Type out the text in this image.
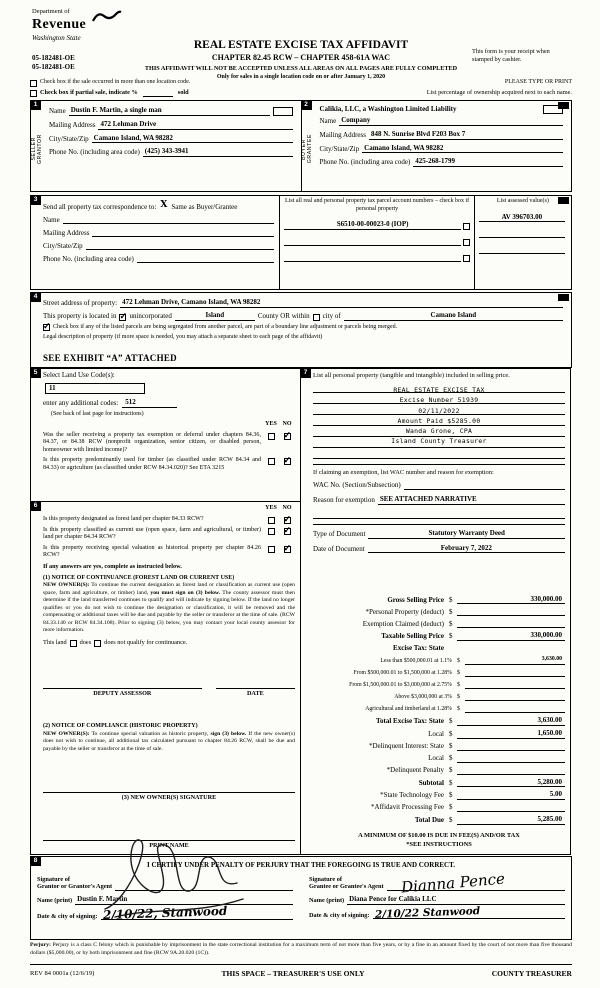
Department of
Revenue
Washington State
05-182481-OE
05-182481-OE
REAL ESTATE EXCISE TAX AFFIDAVIT
CHAPTER 82.45 RCW – CHAPTER 458-61A WAC
THIS AFFIDAVIT WILL NOT BE ACCEPTED UNLESS ALL AREAS ON ALL PAGES ARE FULLY COMPLETED
Only for sales in a single location code on or after January 1, 2020
This form is your receipt when stamped by cashier.
Check box if the sale occurred in more than one location code.	PLEASE TYPE OR PRINT
Check box if partial sale, indicate %	sold	List percentage of ownership acquired next to each name.
1
SELLER GRANTOR
Name Dustin F. Martin, a single man
Mailing Address 472 Lehman Drive
City/State/Zip Camano Island, WA 98282
Phone No. (including area code) (425) 343-3941
2
BUYER GRANTEE
Calikia, LLC, a Washington Limited Liability
Name Company
Mailing Address 848 N. Sunrise Blvd F203 Box 7
City/State/Zip Camano Island, WA 98282
Phone No. (including area code) 425-268-1799
3
Send all property tax correspondence to: X Same as Buyer/Grantee
Name
Mailing Address
City/State/Zip
Phone No. (including area code)
List all real and personal property tax parcel account numbers – check box if personal property
S6510-00-00023-0 (IOP)
List assessed value(s)
AV 396703.00
4
Street address of property: 472 Lehman Drive, Camano Island, WA 98282
This property is located in ✓ unincorporated	Island	County OR within city of	Camano Island
✓
Check box if any of the listed parcels are being segregated from another parcel, are part of a boundary line adjustment or parcels being merged.
Legal description of property (if more space is needed, you may attach a separate sheet to each page of the affidavit)
SEE EXHIBIT “A” ATTACHED
5 Select Land Use Code(s):
11
enter any additional codes:	512
(See back of last page for instructions)
YES NO
Was the seller receiving a property tax exemption or deferral under chapters 84.36, 84.37, or 84.38 RCW (nonprofit organization, senior citizen, or disabled person, homeowner with limited income)?
✓
Is this property predominantly used for timber (as classified under RCW 84.34 and 84.33) or agriculture (as classified under RCW 84.34.020)? See ETA 3215
✓
6	YES NO
Is this property designated as forest land per chapter 84.33 RCW?
✓
Is this property classified as current use (open space, farm and agricultural, or timber) land per chapter 84.34 RCW?
✓
Is this property receiving special valuation as historical property per chapter 84.26 RCW?
✓
If any answers are yes, complete as instructed below.
(1) NOTICE OF CONTINUANCE (FOREST LAND OR CURRENT USE)
NEW OWNER(S): To continue the current designation as forest land or classification as current use (open space, farm and agriculture, or timber) land, you must sign on (3) below. The county assessor must then determine if the land transferred continues to qualify and will indicate by signing below. If the land no longer qualifies or you do not wish to continue the designation or classification, it will be removed and the compensating or additional taxes will be due and payable by the seller or transferor at the time of sale. (RCW 84.33.140 or RCW 84.34.108). Prior to signing (3) below, you may contact your local county assessor for more information.
This land does does not qualify for continuance.
DEPUTY ASSESSOR	DATE
(2) NOTICE OF COMPLIANCE (HISTORIC PROPERTY)
NEW OWNER(S): To continue special valuation as historic property, sign (3) below. If the new owner(s) does not wish to continue, all additional tax calculated pursuant to chapter 84.26 RCW, shall be due and payable by the seller or transferor at the time of sale.
(3) NEW OWNER(S) SIGNATURE
PRINT NAME
7 List all personal property (tangible and intangible) included in selling price.
REAL ESTATE EXCISE TAX
Excise Number 51939
02/11/2022
Amount Paid $5285.00
Wanda Grone, CPA
Island County Treasurer
If claiming an exemption, list WAC number and reason for exemption:
WAC No. (Section/Subsection)
Reason for exemption SEE ATTACHED NARRATIVE
Type of Document	Statutory Warranty Deed
Date of Document	February 7, 2022
Gross Selling Price $	330,000.00
*Personal Property (deduct) $
Exemption Claimed (deduct) $
Taxable Selling Price $	330,000.00
Excise Tax: State
Less than $500,000.01 at 1.1% $	3,630.00
From $500,000.01 to $1,500,000 at 1.28% $
From $1,500,000.01 to $3,000,000 at 2.75% $
Above $3,000,000 at 3% $
Agricultural and timberland at 1.28% $
Total Excise Tax: State $	3,630.00
Local $	1,650.00
*Delinquent Interest: State $
Local $
*Delinquent Penalty $
Subtotal $	5,280.00
*State Technology Fee $	5.00
*Affidavit Processing Fee $
Total Due $	5,285.00
A MINIMUM OF $10.00 IS DUE IN FEE(S) AND/OR TAX
*SEE INSTRUCTIONS
8
I CERTIFY UNDER PENALTY OF PERJURY THAT THE FOREGOING IS TRUE AND CORRECT.
Signature of
Grantor or Grantor's Agent
Name (print) Dustin F. Martin
Date & city of signing: 2/10/22, Stanwood
Signature of
Grantee or Grantee's Agent Dianna Pence
Name (print) Diana Pence for Calikia LLC
Date & city of signing: 2/10/22 Stanwood
Perjury: Perjury is a class C felony which is punishable by imprisonment in the state correctional institution for a maximum term of not more than five years, or by a fine in an amount fixed by the court of not more than five thousand dollars ($5,000.00), or by both imprisonment and fine (RCW 9A.20.020 (1C)).
REV 84 0001a (12/6/19)	THIS SPACE – TREASURER'S USE ONLY	COUNTY TREASURER
